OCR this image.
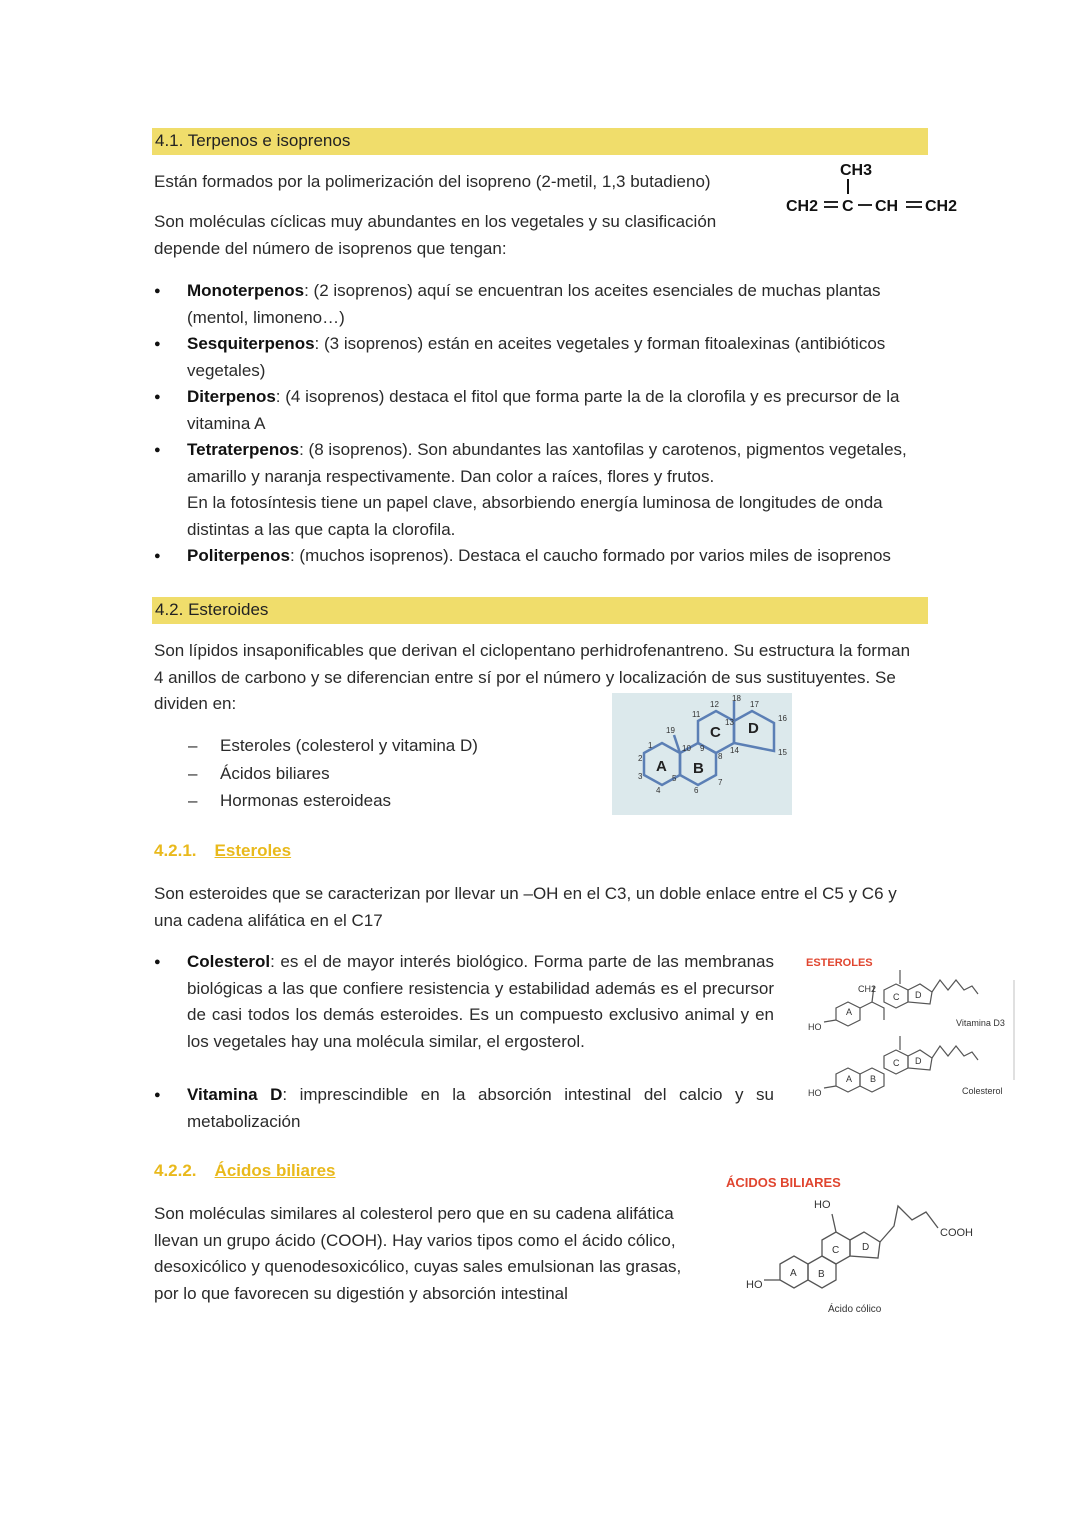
4.1. Terpenos e isoprenos
Están formados por la polimerización del isopreno (2-metil, 1,3 butadieno)
Son moléculas cíclicas muy abundantes en los vegetales y su clasificación depende del número de isoprenos que tengan:
CH3
CH2 C CH CH2
● Monoterpenos: (2 isoprenos) aquí se encuentran los aceites esenciales de muchas plantas (mentol, limoneno…)
● Sesquiterpenos: (3 isoprenos) están en aceites vegetales y forman fitoalexinas (antibióticos vegetales)
● Diterpenos: (4 isoprenos) destaca el fitol que forma parte la de la clorofila y es precursor de la vitamina A
● Tetraterpenos: (8 isoprenos). Son abundantes las xantofilas y carotenos, pigmentos vegetales, amarillo y naranja respectivamente. Dan color a raíces, flores y frutos.
En la fotosíntesis tiene un papel clave, absorbiendo energía luminosa de longitudes de onda distintas a las que capta la clorofila.
● Politerpenos: (muchos isoprenos). Destaca el caucho formado por varios miles de isoprenos
4.2. Esteroides
Son lípidos insaponificables que derivan el ciclopentano perhidrofenantreno. Su estructura la forman 4 anillos de carbono y se diferencian entre sí por el número y localización de sus sustituyentes. Se dividen en:
– Esteroles (colesterol y vitamina D)
– Ácidos biliares
– Hormonas esteroideas
A B
C D
1
2
3
4
5
6
7
8
9
10
11
12
13
14	15
16
17
18
19
4.2.1. Esteroles
Son esteroides que se caracterizan por llevar un –OH en el C3, un doble enlace entre el C5 y C6 y una cadena alifática en el C17
● Colesterol: es el de mayor interés biológico. Forma parte de las membranas biológicas a las que confiere resistencia y estabilidad además es el precursor de casi todos los demás esteroides. Es un compuesto exclusivo animal y en los vegetales hay una molécula similar, el ergosterol.
● Vitamina D: imprescindible en la absorción intestinal del calcio y su metabolización
ESTEROLES
A
C D
A B
C D
CH2
HO
HO
Vitamina D3
Colesterol
4.2.2. Ácidos biliares
Son moléculas similares al colesterol pero que en su cadena alifática llevan un grupo ácido (COOH). Hay varios tipos como el ácido cólico, desoxicólico y quenodesoxicólico, cuyas sales emulsionan las grasas, por lo que favorecen su digestión y absorción intestinal
ÁCIDOS BILIARES
A B
C D
HO
HO
COOH
Ácido cólico
